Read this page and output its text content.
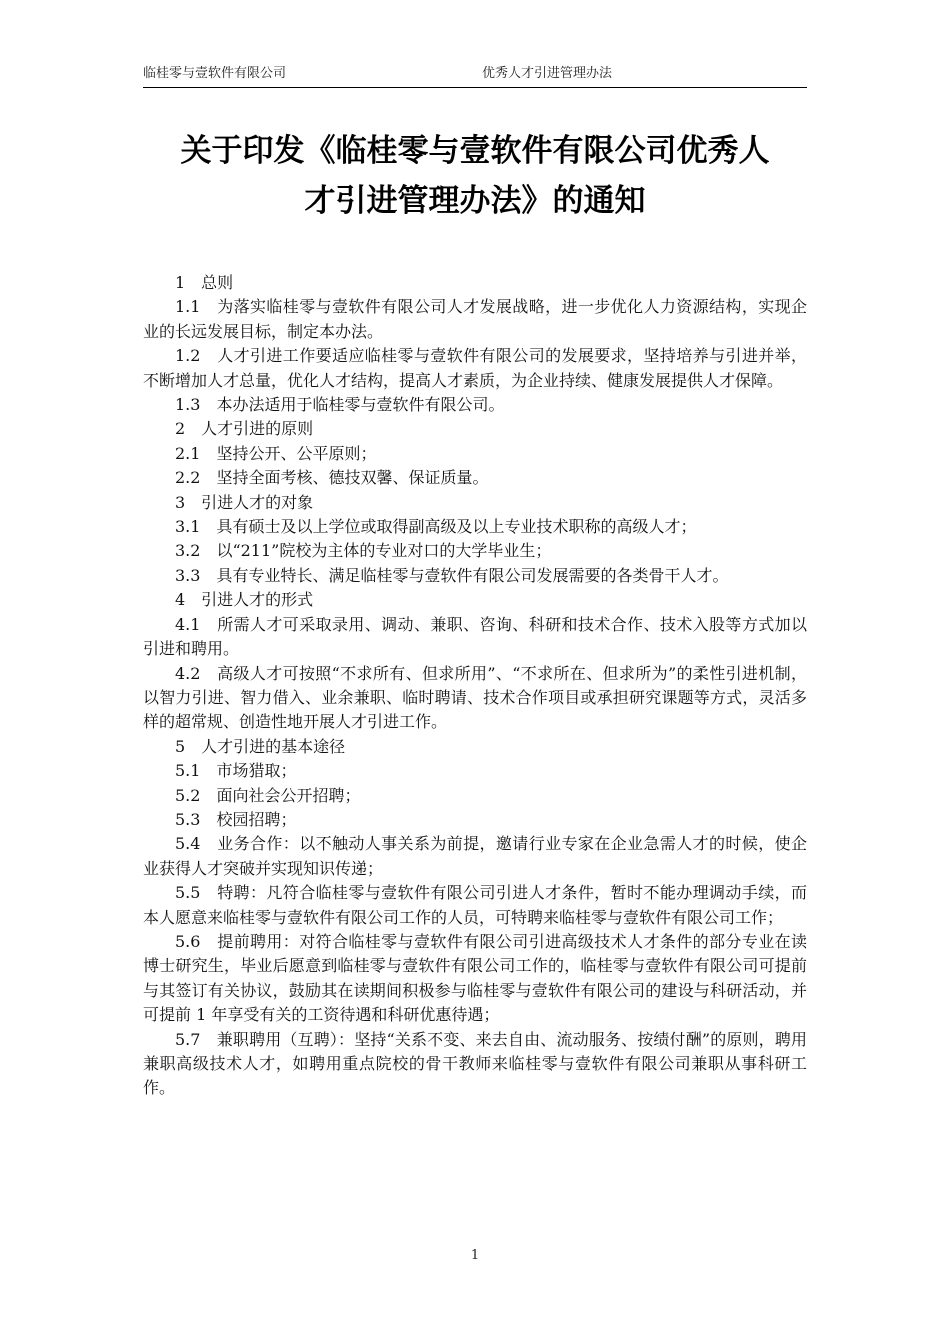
临桂零与壹软件有限公司	优秀人才引进管理办法
关于印发《临桂零与壹软件有限公司优秀人
才引进管理办法》的通知

1　总则

1.1　为落实临桂零与壹软件有限公司人才发展战略，进一步优化人力资源结构，实现企业的长远发展目标，制定本办法。

1.2　人才引进工作要适应临桂零与壹软件有限公司的发展要求，坚持培养与引进并举，不断增加人才总量，优化人才结构，提高人才素质，为企业持续、健康发展提供人才保障。

1.3　本办法适用于临桂零与壹软件有限公司。

2　人才引进的原则

2.1　坚持公开、公平原则；

2.2　坚持全面考核、德技双馨、保证质量。

3　引进人才的对象

3.1　具有硕士及以上学位或取得副高级及以上专业技术职称的高级人才；

3.2　以“211”院校为主体的专业对口的大学毕业生；

3.3　具有专业特长、满足临桂零与壹软件有限公司发展需要的各类骨干人才。

4　引进人才的形式

4.1　所需人才可采取录用、调动、兼职、咨询、科研和技术合作、技术入股等方式加以引进和聘用。

4.2　高级人才可按照“不求所有、但求所用”、“不求所在、但求所为”的柔性引进机制，以智力引进、智力借入、业余兼职、临时聘请、技术合作项目或承担研究课题等方式，灵活多样的超常规、创造性地开展人才引进工作。

5　人才引进的基本途径

5.1　市场猎取；

5.2　面向社会公开招聘；

5.3　校园招聘；

5.4　业务合作：以不触动人事关系为前提，邀请行业专家在企业急需人才的时候，使企业获得人才突破并实现知识传递；

5.5　特聘：凡符合临桂零与壹软件有限公司引进人才条件，暂时不能办理调动手续，而本人愿意来临桂零与壹软件有限公司工作的人员，可特聘来临桂零与壹软件有限公司工作；

5.6　提前聘用：对符合临桂零与壹软件有限公司引进高级技术人才条件的部分专业在读博士研究生，毕业后愿意到临桂零与壹软件有限公司工作的，临桂零与壹软件有限公司可提前与其签订有关协议，鼓励其在读期间积极参与临桂零与壹软件有限公司的建设与科研活动，并可提前 1 年享受有关的工资待遇和科研优惠待遇；

5.7　兼职聘用（互聘）：坚持“关系不变、来去自由、流动服务、按绩付酬”的原则，聘用兼职高级技术人才，如聘用重点院校的骨干教师来临桂零与壹软件有限公司兼职从事科研工作。

1
